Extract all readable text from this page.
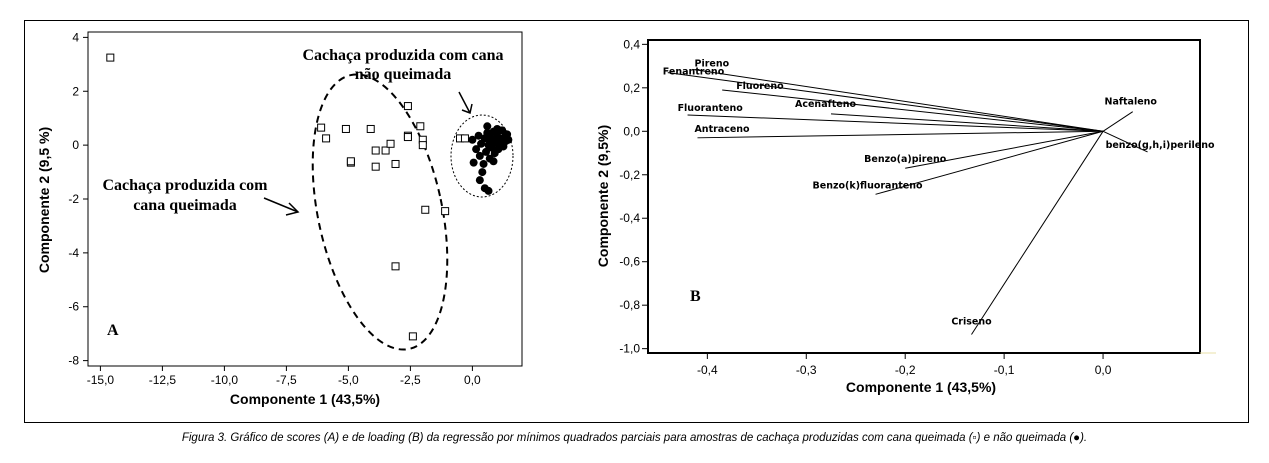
-15,0	-12,5	-10,0	-7,5	-5,0	-2,5	0,0
4
2
0
-2
-4
-6
-8
Componente 1 (43,5%)
Componente 2 (9,5 %)
Cachaça produzida com cana
não queimada
Cachaça produzida com
cana queimada
A
-0,4	-0,3	-0,2	-0,1	0,0
0,4
0,2
0,0
-0,2
-0,4
-0,6
-0,8
-1,0
Componente 1 (43,5%)
Componente 2 (9,5%)
Pireno
Fenantreno
Fluoreno
Fluoranteno	Acenafteno
Antraceno
Benzo(a)pireno
Benzo(k)fluoranteno
Naftaleno
benzo(g,h,i)perileno
Criseno
B
Figura 3. Gráfico de scores (A) e de loading (B) da regressão por mínimos quadrados parciais para amostras de cachaça produzidas com cana queimada (▫) e não queimada (●).
